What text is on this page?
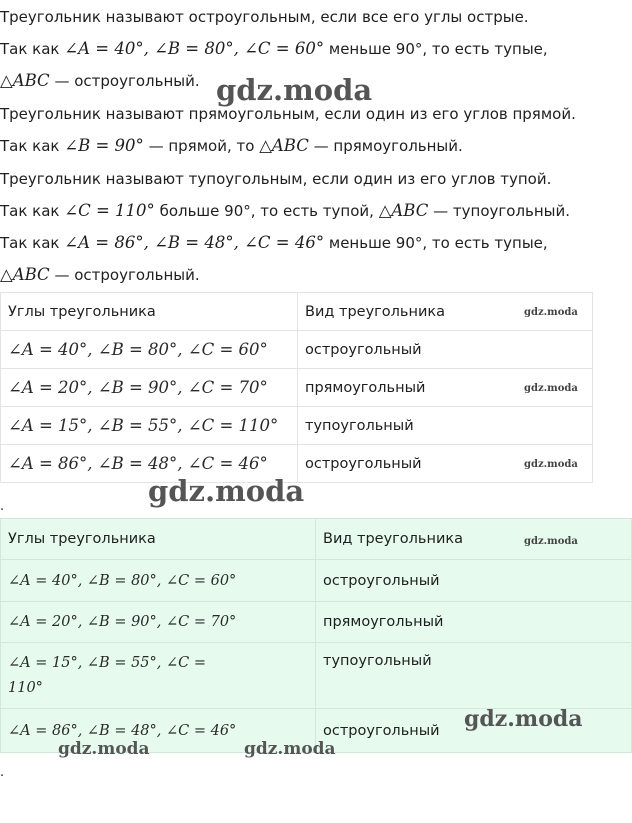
Треугольник называют остроугольным, если все его углы острые.
Так как ∠A = 40°, ∠B = 80°, ∠C = 60° меньше 90°, то есть тупые,
△ABC — остроугольный.
Треугольник называют прямоугольным, если один из его углов прямой.
Так как ∠B = 90° — прямой, то △ABC — прямоугольный.
Треугольник называют тупоугольным, если один из его углов тупой.
Так как ∠C = 110° больше 90°, то есть тупой, △ABC — тупоугольный.
Так как ∠A = 86°, ∠B = 48°, ∠C = 46° меньше 90°, то есть тупые,
△ABC — остроугольный.
Углы треугольника	Вид треугольника
∠A = 40°, ∠B = 80°, ∠C = 60°	остроугольный
∠A = 20°, ∠B = 90°, ∠C = 70°	прямоугольный
∠A = 15°, ∠B = 55°, ∠C = 110°	тупоугольный
∠A = 86°, ∠B = 48°, ∠C = 46°	остроугольный
.
Углы треугольника	Вид треугольника
∠A = 40°, ∠B = 80°, ∠C = 60°	остроугольный
∠A = 20°, ∠B = 90°, ∠C = 70°	прямоугольный
∠A = 15°, ∠B = 55°, ∠C =
110°	тупоугольный
∠A = 86°, ∠B = 48°, ∠C = 46°	остроугольный
.
gdz.moda
gdz.moda
gdz.moda
gdz.moda
gdz.moda
gdz.moda
gdz.moda
gdz.moda	gdz.moda
